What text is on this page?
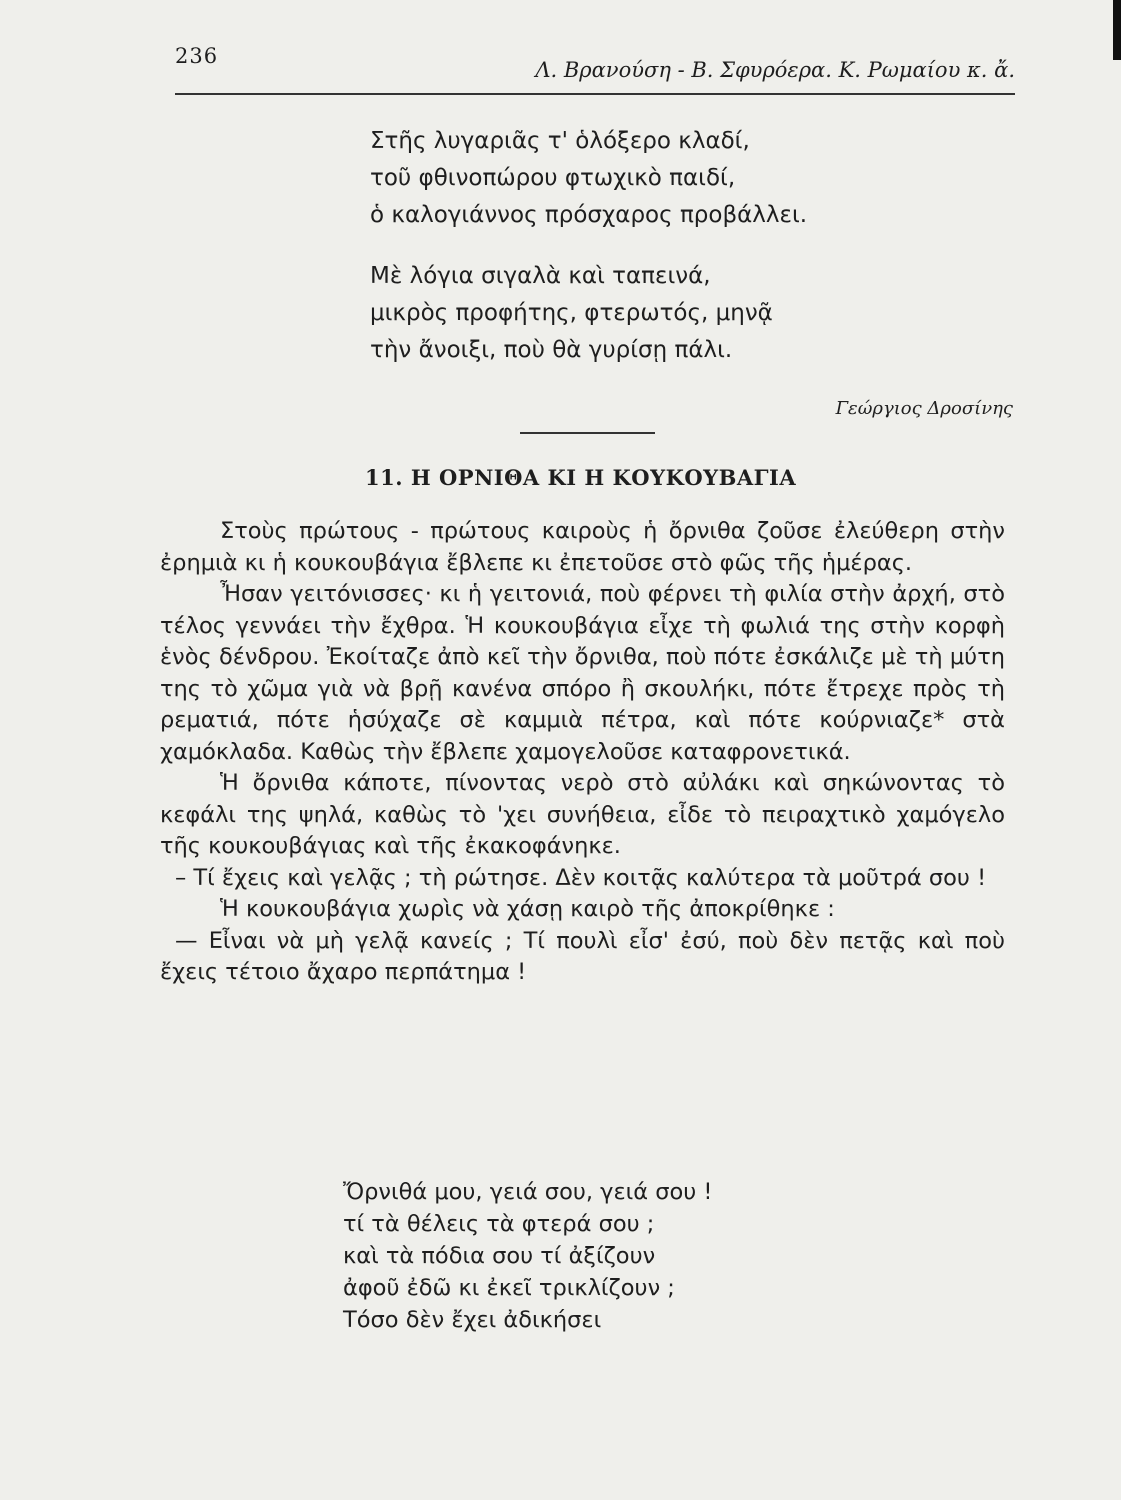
236
Λ. Βρανούση - Β. Σφυρόερα. Κ. Ρωμαίου κ. ἄ.
Στῆς λυγαριᾶς τ' ὁλόξερο κλαδί,
τοῦ φθινοπώρου φτωχικὸ παιδί,
ὁ καλογιάννος πρόσχαρος προβάλλει.
Μὲ λόγια σιγαλὰ καὶ ταπεινά,
μικρὸς προφήτης, φτερωτός, μηνᾷ
τὴν ἄνοιξι, ποὺ θὰ γυρίσῃ πάλι.
Γεώργιος Δροσίνης
11. Η ΟΡΝΙΘΑ ΚΙ Η ΚΟΥΚΟΥΒΑΓΙΑ

Στοὺς πρώτους - πρώτους καιροὺς ἡ ὄρνιθα ζοῦσε ἐλεύθερη στὴν ἐρημιὰ κι ἡ κουκουβάγια ἔβλεπε κι ἐπετοῦσε στὸ φῶς τῆς ἡμέρας.

Ἦσαν γειτόνισσες· κι ἡ γειτονιά, ποὺ φέρνει τὴ φιλία στὴν ἀρχή, στὸ τέλος γεννάει τὴν ἔχθρα. Ἡ κουκουβάγια εἶχε τὴ φωλιά της στὴν κορφὴ ἑνὸς δένδρου. Ἐκοίταζε ἀπὸ κεῖ τὴν ὄρνιθα, ποὺ πότε ἐσκάλιζε μὲ τὴ μύτη της τὸ χῶμα γιὰ νὰ βρῇ κανένα σπόρο ἢ σκουλήκι, πότε ἔτρεχε πρὸς τὴ ρεματιά, πότε ἡσύχαζε σὲ καμμιὰ πέτρα, καὶ πότε κούρνιαζε* στὰ χαμόκλαδα. Καθὼς τὴν ἔβλεπε χαμογελοῦσε καταφρονετικά.

Ἡ ὄρνιθα κάποτε, πίνοντας νερὸ στὸ αὐλάκι καὶ σηκώνοντας τὸ κεφάλι της ψηλά, καθὼς τὸ 'χει συνήθεια, εἶδε τὸ πειραχτικὸ χαμόγελο τῆς κουκουβάγιας καὶ τῆς ἐκακοφάνηκε.

– Τί ἔχεις καὶ γελᾷς ; τὴ ρώτησε. Δὲν κοιτᾷς καλύτερα τὰ μοῦτρά σου !

Ἡ κουκουβάγια χωρὶς νὰ χάσῃ καιρὸ τῆς ἀποκρίθηκε :

— Εἶναι νὰ μὴ γελᾷ κανείς ; Τί πουλὶ εἶσ' ἐσύ, ποὺ δὲν πετᾷς καὶ ποὺ ἔχεις τέτοιο ἄχαρο περπάτημα !

Ὄρνιθά μου, γειά σου, γειά σου !
τί τὰ θέλεις τὰ φτερά σου ;
καὶ τὰ πόδια σου τί ἀξίζουν
ἀφοῦ ἐδῶ κι ἐκεῖ τρικλίζουν ;
Τόσο δὲν ἔχει ἀδικήσει
